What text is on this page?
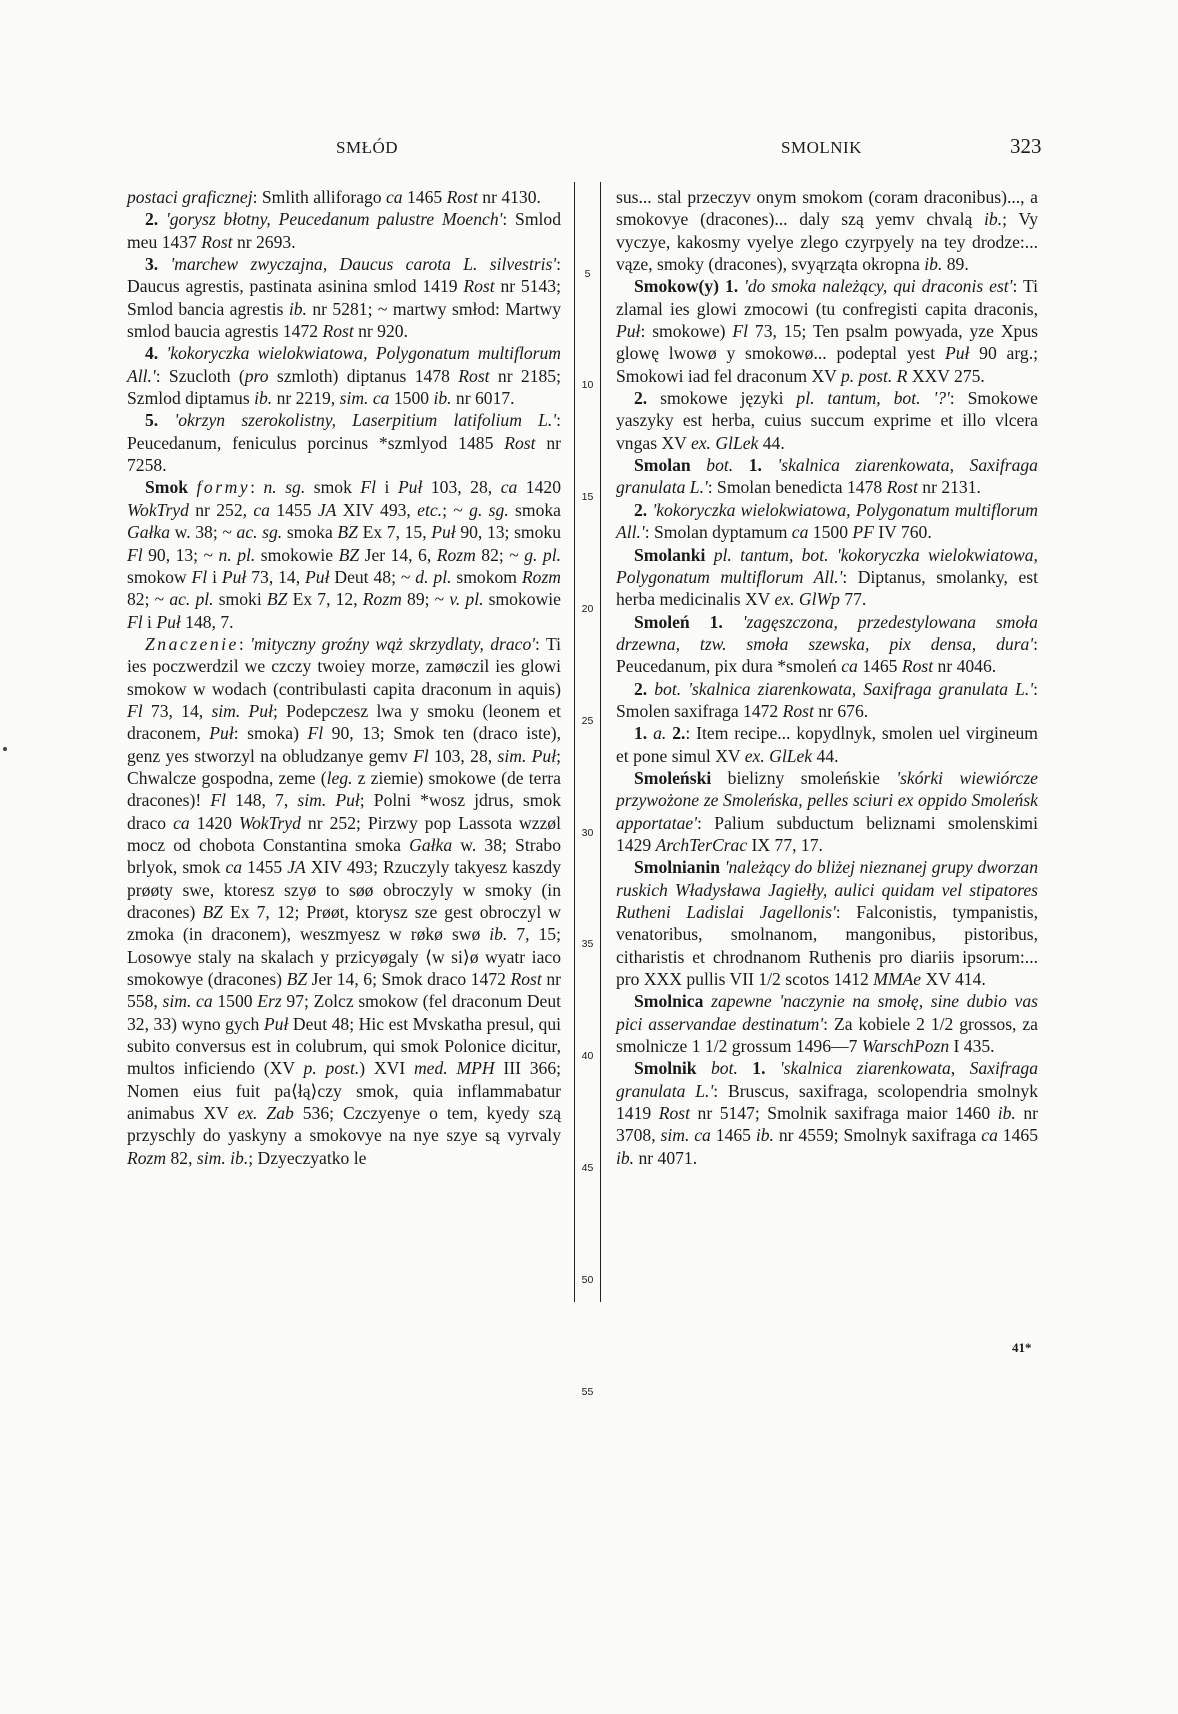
SMŁÓD	SMOLNIK	323
5
10
15
20
25
30
35
40
45
50
55

postaci graficznej: Smlith alliforago ca 1465 Rost nr 4130.

2. 'gorysz błotny, Peucedanum palustre Moench': Smlod meu 1437 Rost nr 2693.

3. 'marchew zwyczajna, Daucus carota L. silvestris': Daucus agrestis, pastinata asinina smlod 1419 Rost nr 5143; Smlod bancia agrestis ib. nr 5281; ~ martwy smłod: Martwy smlod baucia agrestis 1472 Rost nr 920.

4. 'kokoryczka wielokwiatowa, Polygonatum multiflorum All.': Szucloth (pro szmloth) diptanus 1478 Rost nr 2185; Szmlod diptamus ib. nr 2219, sim. ca 1500 ib. nr 6017.

5. 'okrzyn szerokolistny, Laserpitium latifolium L.': Peucedanum, feniculus porcinus *szmlyod 1485 Rost nr 7258.

Smok formy: n. sg. smok Fl i Puł 103, 28, ca 1420 WokTryd nr 252, ca 1455 JA XIV 493, etc.; ~ g. sg. smoka Gałka w. 38; ~ ac. sg. smoka BZ Ex 7, 15, Puł 90, 13; smoku Fl 90, 13; ~ n. pl. smokowie BZ Jer 14, 6, Rozm 82; ~ g. pl. smokow Fl i Puł 73, 14, Puł Deut 48; ~ d. pl. smokom Rozm 82; ~ ac. pl. smoki BZ Ex 7, 12, Rozm 89; ~ v. pl. smokowie Fl i Puł 148, 7.

Znaczenie: 'mityczny groźny wąż skrzydlaty, draco': Ti ies poczwerdzil we czczy twoiey morze, zamøczil ies glowi smokow w wodach (contribulasti capita draconum in aquis) Fl 73, 14, sim. Puł; Podepczesz lwa y smoku (leonem et draconem, Puł: smoka) Fl 90, 13; Smok ten (draco iste), genz yes stworzyl na obludzanye gemv Fl 103, 28, sim. Puł; Chwalcze gospodna, zeme (leg. z ziemie) smokowe (de terra dracones)! Fl 148, 7, sim. Puł; Polni *wosz jdrus, smok draco ca 1420 WokTryd nr 252; Pirzwy pop Lassota wzzøl mocz od chobota Constantina smoka Gałka w. 38; Strabo brlyok, smok ca 1455 JA XIV 493; Rzuczyly takyesz kaszdy prøøty swe, ktoresz szyø to søø obroczyly w smoky (in dracones) BZ Ex 7, 12; Prøøt, ktorysz sze gest obroczyl w zmoka (in draconem), weszmyesz w røkø swø ib. 7, 15; Losowye staly na skalach y przicyøgaly ⟨w si⟩ø wyatr iaco smokowye (dracones) BZ Jer 14, 6; Smok draco 1472 Rost nr 558, sim. ca 1500 Erz 97; Zolcz smokow (fel draconum Deut 32, 33) wyno gych Puł Deut 48; Hic est Mvskatha presul, qui subito conversus est in colubrum, qui smok Polonice dicitur, multos inficiendo (XV p. post.) XVI med. MPH III 366; Nomen eius fuit pa⟨łą⟩czy smok, quia inflammabatur animabus XV ex. Zab 536; Czczyenye o tem, kyedy szą przyschly do yaskyny a smokovye na nye szye są vyrvaly Rozm 82, sim. ib.; Dzyeczyatko le

sus... stal przeczyv onym smokom (coram draconibus)..., a smokovye (dracones)... daly szą yemv chvalą ib.; Vy vyczye, kakosmy vyelye zlego czyrpyely na tey drodze:... vąze, smoky (dracones), svyąrząta okropna ib. 89.

Smokow(y) 1. 'do smoka należący, qui draconis est': Ti zlamal ies glowi zmocowi (tu confregisti capita draconis, Puł: smokowe) Fl 73, 15; Ten psalm powyada, yze Xpus glowę lwowø y smokowø... podeptal yest Puł 90 arg.; Smokowi iad fel draconum XV p. post. R XXV 275.

2. smokowe języki pl. tantum, bot. '?': Smokowe yaszyky est herba, cuius succum exprime et illo vlcera vngas XV ex. GlLek 44.

Smolan bot. 1. 'skalnica ziarenkowata, Saxifraga granulata L.': Smolan benedicta 1478 Rost nr 2131.

2. 'kokoryczka wielokwiatowa, Polygonatum multiflorum All.': Smolan dyptamum ca 1500 PF IV 760.

Smolanki pl. tantum, bot. 'kokoryczka wielokwiatowa, Polygonatum multiflorum All.': Diptanus, smolanky, est herba medicinalis XV ex. GlWp 77.

Smoleń 1. 'zagęszczona, przedestylowana smoła drzewna, tzw. smoła szewska, pix densa, dura': Peucedanum, pix dura *smoleń ca 1465 Rost nr 4046.

2. bot. 'skalnica ziarenkowata, Saxifraga granulata L.': Smolen saxifraga 1472 Rost nr 676.

1. a. 2.: Item recipe... kopydlnyk, smolen uel virgineum et pone simul XV ex. GlLek 44.

Smoleński bielizny smoleńskie 'skórki wiewiórcze przywożone ze Smoleńska, pelles sciuri ex oppido Smoleńsk apportatae': Palium subductum beliznami smolenskimi 1429 ArchTerCrac IX 77, 17.

Smolnianin 'należący do bliżej nieznanej grupy dworzan ruskich Władysława Jagiełły, aulici quidam vel stipatores Rutheni Ladislai Jagellonis': Falconistis, tympanistis, venatoribus, smolnanom, mangonibus, pistoribus, citharistis et chrodnanom Ruthenis pro diariis ipsorum:... pro XXX pullis VII 1/2 scotos 1412 MMAe XV 414.

Smolnica zapewne 'naczynie na smołę, sine dubio vas pici asservandae destinatum': Za kobiele 2 1/2 grossos, za smolnicze 1 1/2 grossum 1496—7 WarschPozn I 435.

Smolnik bot. 1. 'skalnica ziarenkowata, Saxifraga granulata L.': Bruscus, saxifraga, scolopendria smolnyk 1419 Rost nr 5147; Smolnik saxifraga maior 1460 ib. nr 3708, sim. ca 1465 ib. nr 4559; Smolnyk saxifraga ca 1465 ib. nr 4071.

41*
